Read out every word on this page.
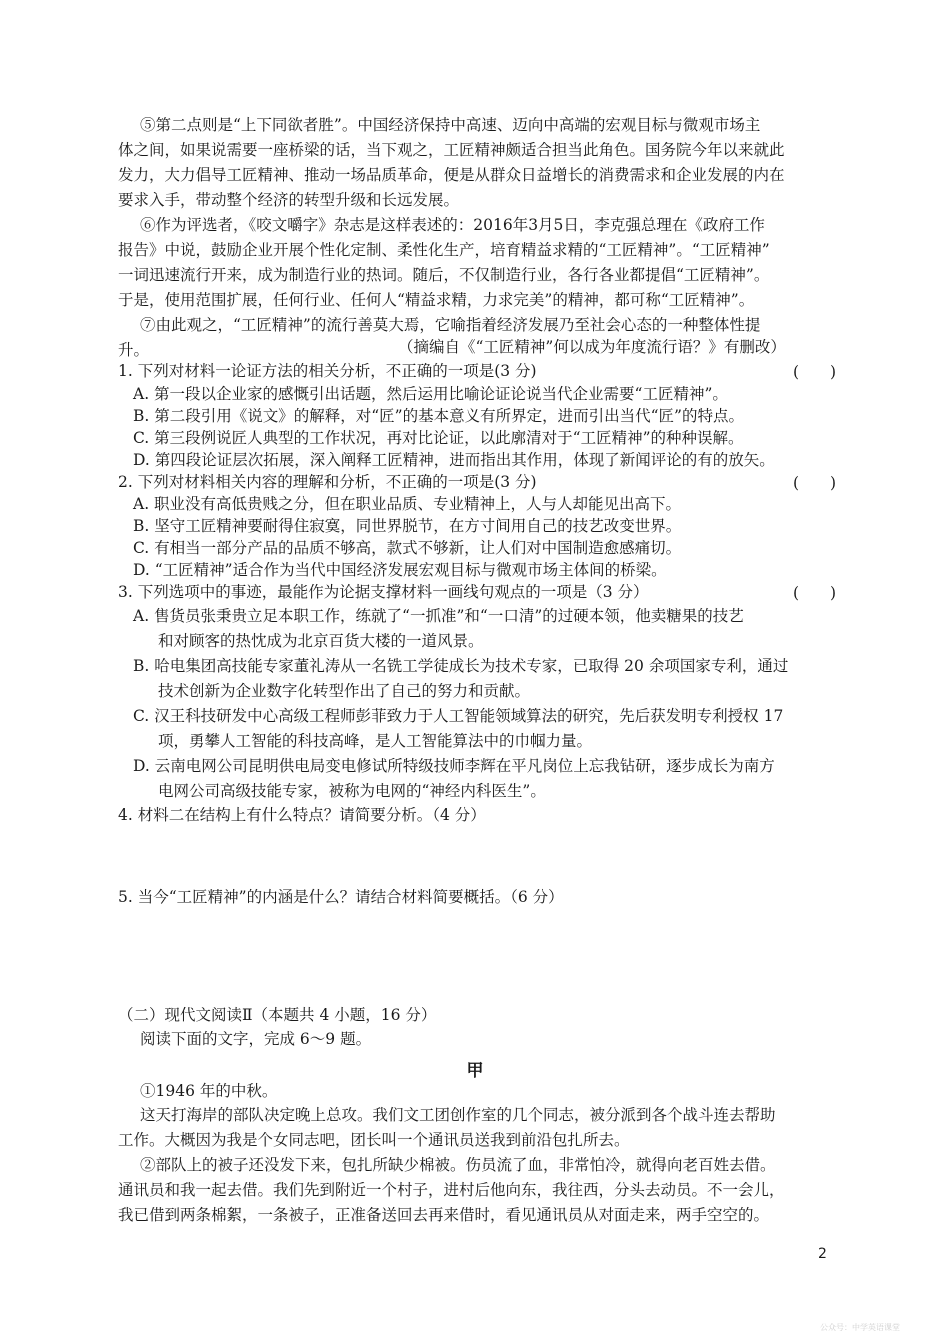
⑤第二点则是“上下同欲者胜”。中国经济保持中高速、迈向中高端的宏观目标与微观市场主
体之间，如果说需要一座桥梁的话，当下观之，工匠精神颇适合担当此角色。国务院今年以来就此
发力，大力倡导工匠精神、推动一场品质革命，便是从群众日益增长的消费需求和企业发展的内在
要求入手，带动整个经济的转型升级和长远发展。
⑥作为评选者，《咬文嚼字》杂志是这样表述的：2016年3月5日，李克强总理在《政府工作
报告》中说，鼓励企业开展个性化定制、柔性化生产，培育精益求精的“工匠精神”。“工匠精神”
一词迅速流行开来，成为制造行业的热词。随后，不仅制造行业，各行各业都提倡“工匠精神”。
于是，使用范围扩展，任何行业、任何人“精益求精，力求完美”的精神，都可称“工匠精神”。
⑦由此观之，“工匠精神”的流行善莫大焉，它喻指着经济发展乃至社会心态的一种整体性提
升。	（摘编自《“工匠精神”何以成为年度流行语？》有删改）
1. 下列对材料一论证方法的相关分析，不正确的一项是(3 分)	(　　)
A. 第一段以企业家的感慨引出话题，然后运用比喻论证论说当代企业需要“工匠精神”。
B. 第二段引用《说文》的解释，对“匠”的基本意义有所界定，进而引出当代“匠”的特点。
C. 第三段例说匠人典型的工作状况，再对比论证，以此廓清对于“工匠精神”的种种误解。
D. 第四段论证层次拓展，深入阐释工匠精神，进而指出其作用，体现了新闻评论的有的放矢。
2. 下列对材料相关内容的理解和分析，不正确的一项是(3 分)	(　　)
A. 职业没有高低贵贱之分，但在职业品质、专业精神上，人与人却能见出高下。
B. 坚守工匠精神要耐得住寂寞，同世界脱节，在方寸间用自己的技艺改变世界。
C. 有相当一部分产品的品质不够高，款式不够新，让人们对中国制造愈感痛切。
D. “工匠精神”适合作为当代中国经济发展宏观目标与微观市场主体间的桥梁。
3. 下列选项中的事迹，最能作为论据支撑材料一画线句观点的一项是（3 分）	(　　)
A. 售货员张秉贵立足本职工作，练就了“一抓准”和“一口清”的过硬本领，他卖糖果的技艺
和对顾客的热忱成为北京百货大楼的一道风景。
B. 哈电集团高技能专家董礼涛从一名铣工学徒成长为技术专家，已取得 20 余项国家专利，通过
技术创新为企业数字化转型作出了自己的努力和贡献。
C. 汉王科技研发中心高级工程师彭菲致力于人工智能领域算法的研究，先后获发明专利授权 17
项，勇攀人工智能的科技高峰，是人工智能算法中的巾帼力量。
D. 云南电网公司昆明供电局变电修试所特级技师李辉在平凡岗位上忘我钻研，逐步成长为南方
电网公司高级技能专家，被称为电网的“神经内科医生”。
4. 材料二在结构上有什么特点？请简要分析。（4 分）
5. 当今“工匠精神”的内涵是什么？请结合材料简要概括。（6 分）
（二）现代文阅读Ⅱ（本题共 4 小题，16 分）
阅读下面的文字，完成 6～9 题。
甲
①1946 年的中秋。
这天打海岸的部队决定晚上总攻。我们文工团创作室的几个同志，被分派到各个战斗连去帮助
工作。大概因为我是个女同志吧，团长叫一个通讯员送我到前沿包扎所去。
②部队上的被子还没发下来，包扎所缺少棉被。伤员流了血，非常怕冷，就得向老百姓去借。
通讯员和我一起去借。我们先到附近一个村子，进村后他向东，我往西，分头去动员。不一会儿，
我已借到两条棉絮，一条被子，正准备送回去再来借时，看见通讯员从对面走来，两手空空的。
2
公众号：中学英语课堂
